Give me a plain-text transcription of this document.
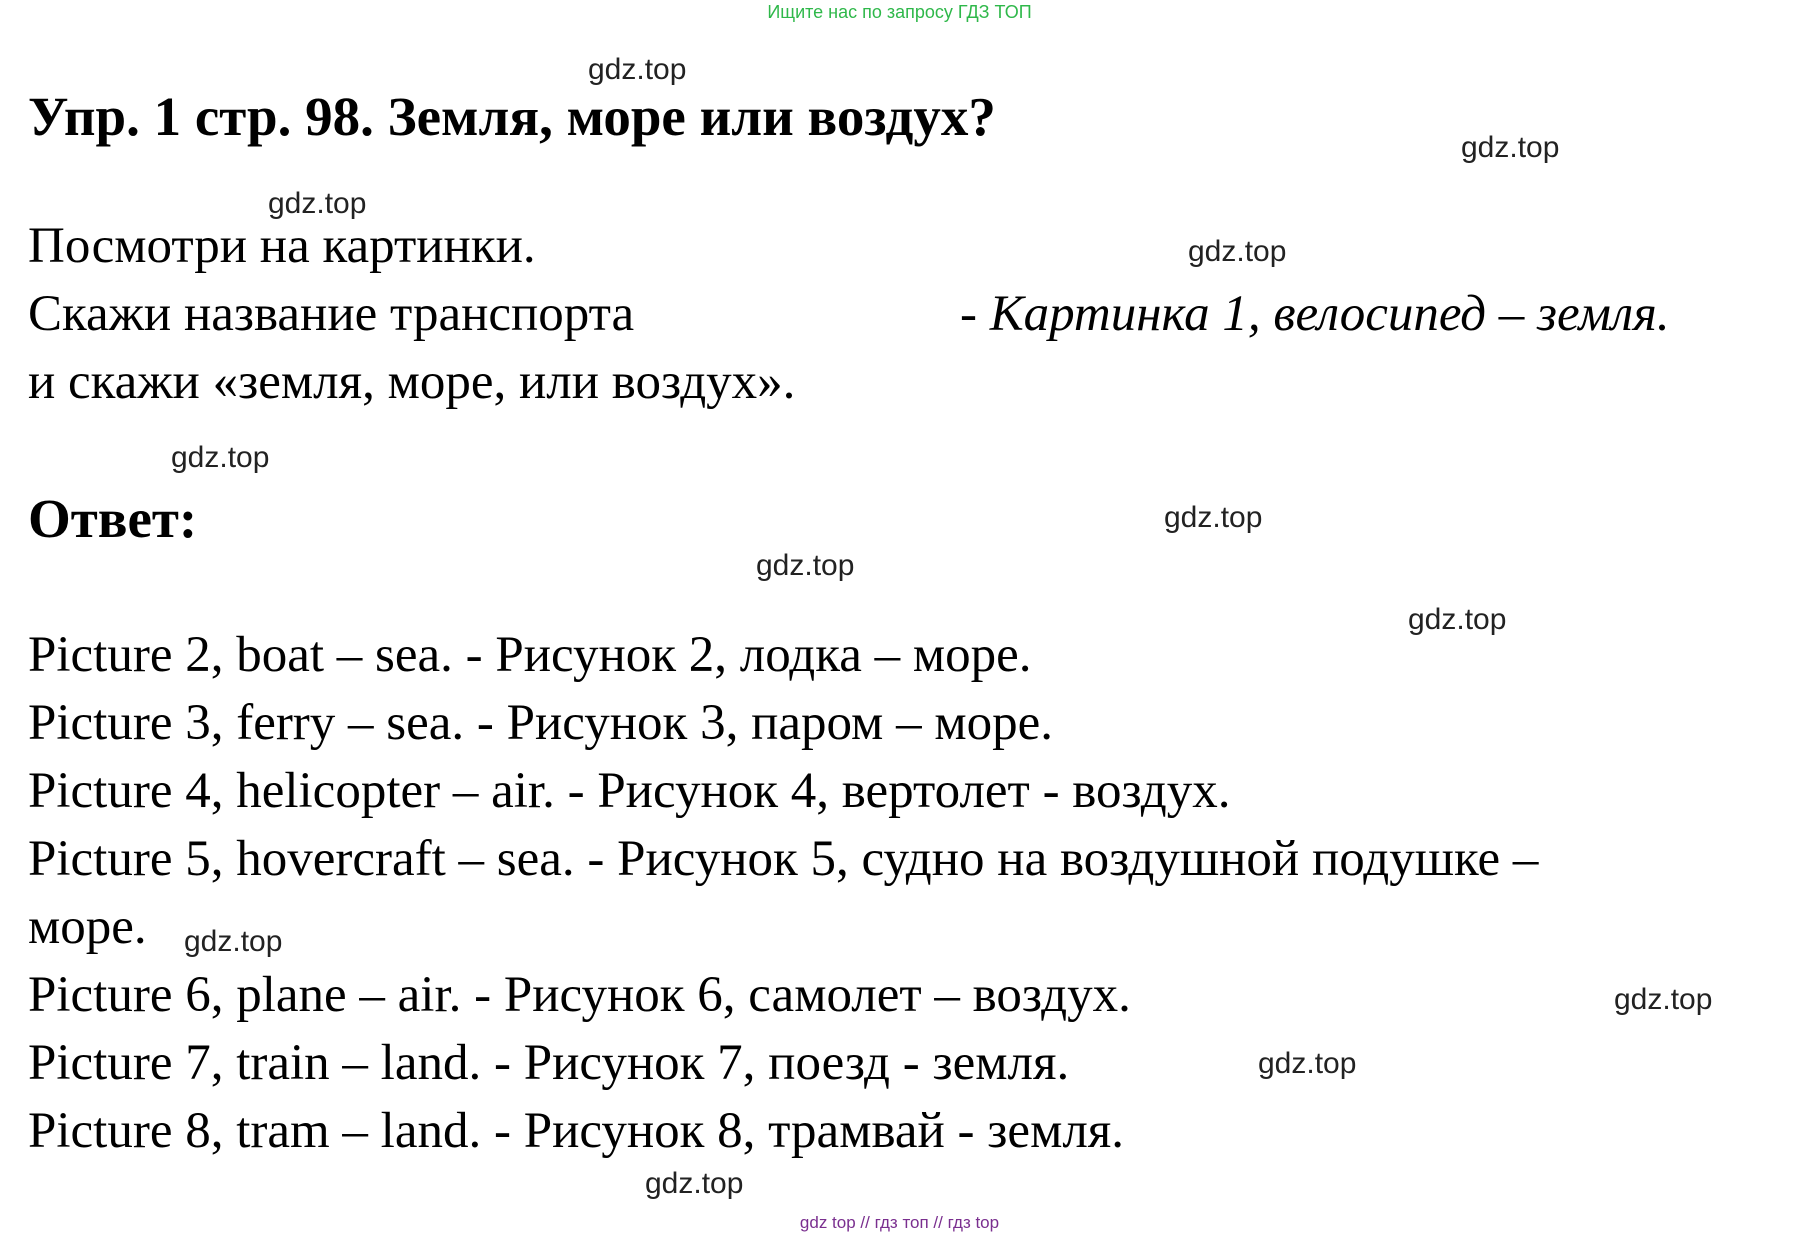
Ищите нас по запросу ГДЗ ТОП
Упр. 1 стр. 98. Земля, море или воздух?
Посмотри на картинки.
Скажи название транспорта
и скажи «земля, море, или воздух».
- Картинка 1, велосипед – земля.
Ответ:
Picture 2, boat – sea. - Рисунок 2, лодка – море.
Picture 3, ferry – sea. - Рисунок 3, паром – море.
Picture 4, helicopter – air. - Рисунок 4, вертолет - воздух.
Picture 5, hovercraft – sea. - Рисунок 5, судно на воздушной подушке –
море.
Picture 6, plane – air. - Рисунок 6, самолет – воздух.
Picture 7, train – land. - Рисунок 7, поезд - земля.
Picture 8, tram – land. - Рисунок 8, трамвай - земля.
gdz.top
gdz.top
gdz.top
gdz.top
gdz.top
gdz.top
gdz.top
gdz.top
gdz.top
gdz.top
gdz.top
gdz.top
gdz top // гдз топ // гдз top
